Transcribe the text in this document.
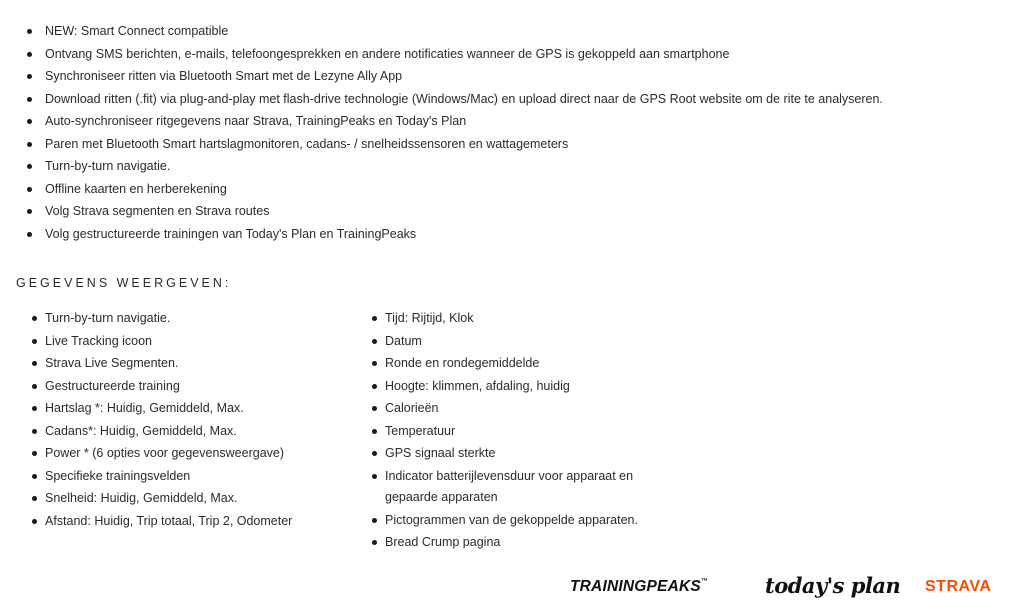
NEW: Smart Connect compatible
Ontvang SMS berichten, e-mails, telefoongesprekken en andere notificaties wanneer de GPS is gekoppeld aan smartphone
Synchroniseer ritten via Bluetooth Smart met de Lezyne Ally App
Download ritten (.fit) via plug-and-play met flash-drive technologie (Windows/Mac) en upload direct naar de GPS Root website om de rite te analyseren.
Auto-synchroniseer ritgegevens naar Strava, TrainingPeaks en Today's Plan
Paren met Bluetooth Smart hartslagmonitoren, cadans- / snelheidssensoren en wattagemeters
Turn-by-turn navigatie.
Offline kaarten en herberekening
Volg Strava segmenten en Strava routes
Volg gestructureerde trainingen van Today's Plan en TrainingPeaks
GEGEVENS WEERGEVEN:
Turn-by-turn navigatie.
Live Tracking icoon
Strava Live Segmenten.
Gestructureerde training
Hartslag *: Huidig, Gemiddeld, Max.
Cadans*: Huidig, Gemiddeld, Max.
Power * (6 opties voor gegevensweergave)
Specifieke trainingsvelden
Snelheid: Huidig, Gemiddeld, Max.
Afstand: Huidig, Trip totaal, Trip 2, Odometer
Tijd: Rijtijd, Klok
Datum
Ronde en rondegemiddelde
Hoogte: klimmen, afdaling, huidig
Calorieën
Temperatuur
GPS signaal sterkte
Indicator batterijlevensduur voor apparaat en gepaarde apparaten
Pictogrammen van de gekoppelde apparaten.
Bread Crump pagina
TRAININGPEAKS™	today's plan STRAVA
